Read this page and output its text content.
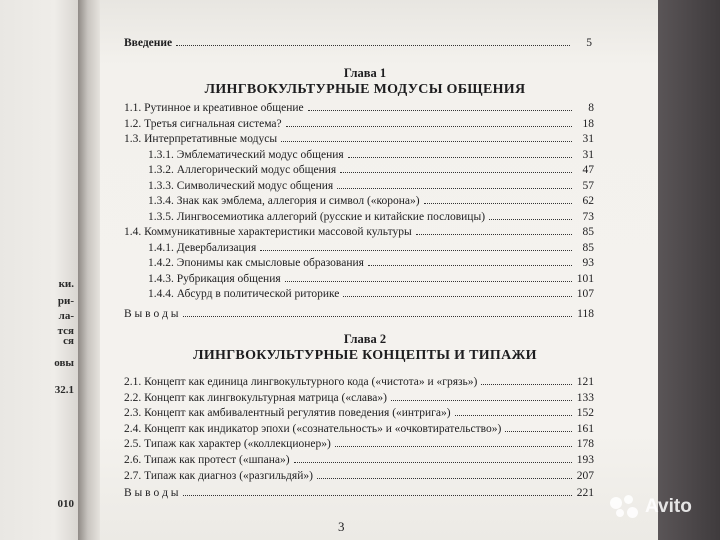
ки.
ри-
ла-
тся
ся
овы
32.1
010
Введение	5
Глава 1
ЛИНГВОКУЛЬТУРНЫЕ МОДУСЫ ОБЩЕНИЯ
1.1. Рутинное и креативное общение	8
1.2. Третья сигнальная система?	18
1.3. Интерпретативные модусы	31
1.3.1. Эмблематический модус общения	31
1.3.2. Аллегорический модус общения	47
1.3.3. Символический модус общения	57
1.3.4. Знак как эмблема, аллегория и символ («корона»)	62
1.3.5. Лингвосемиотика аллегорий (русские и китайские пословицы)	73
1.4. Коммуникативные характеристики массовой культуры	85
1.4.1. Девербализация	85
1.4.2. Эпонимы как смысловые образования	93
1.4.3. Рубрикация общения	101
1.4.4. Абсурд в политической риторике	107
В ы в о д ы	118
Глава 2
ЛИНГВОКУЛЬТУРНЫЕ КОНЦЕПТЫ И ТИПАЖИ
2.1. Концепт как единица лингвокультурного кода («чистота» и «грязь»)	121
2.2. Концепт как лингвокультурная матрица («слава»)	133
2.3. Концепт как амбивалентный регулятив поведения («интрига»)	152
2.4. Концепт как индикатор эпохи («сознательность» и «очковтирательство»)	161
2.5. Типаж как характер («коллекционер»)	178
2.6. Типаж как протест («шпана»)	193
2.7. Типаж как диагноз («разгильдяй»)	207
В ы в о д ы	221
3
Avito
